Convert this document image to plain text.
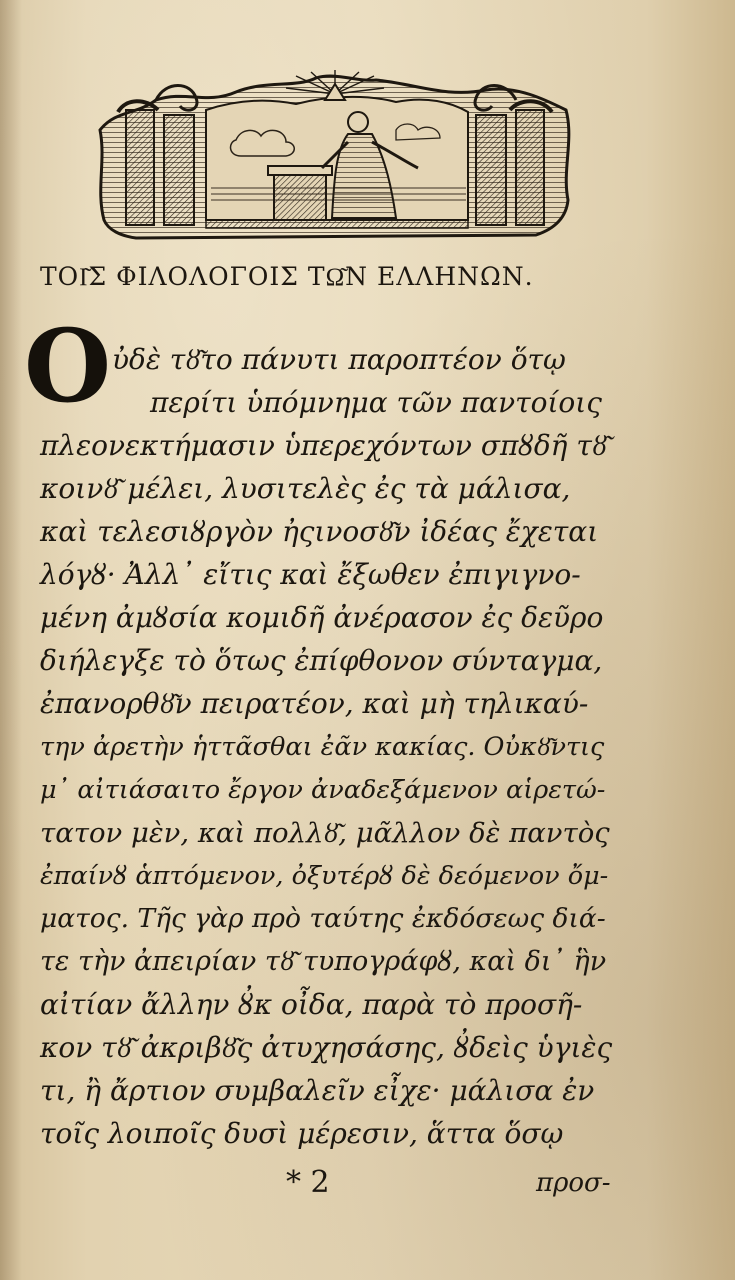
ΤΟΙ͂Σ ΦΙΛΟΛΟΓΟΙΣ ΤΩ͂Ν ΕΛΛΗΝΩΝ.
Ο ὐδὲ τȣ͂το πάνυτι παροπτέον ὅτῳ
περίτι ὑπόμνημα τῶν παντοίοις
πλεονεκτήμασιν ὑπερεχόντων σπȣδῆ τȣ͂
κοινȣ͂ μέλει, λυσιτελὲς ἐς τὰ μάλισα,
καὶ τελεσιȣργὸν ἠςινοσȣ͂ν ἰδέας ἔχεται
λόγȣ· Ἀλλ᾽ εἴτις καὶ ἔξωθεν ἐπιγιγνο-
μένη ἀμȣσία κομιδῆ ἀνέρασον ἐς δεῦρο
διήλεγξε τὸ ὅτως ἐπίφθονον σύνταγμα,
ἐπανορθȣ͂ν πειρατέον, καὶ μὴ τηλικαύ-
την ἀρετὴν ἡττᾶσθαι ἐᾶν κακίας. Οὐκȣ͂ντις
μ᾽ αἰτιάσαιτο ἔργον ἀναδεξάμενον αἱρετώ-
τατον μὲν, καὶ πολλȣ͂, μᾶλλον δὲ παντὸς
ἐπαίνȣ ἁπτόμενον, ὀξυτέρȣ δὲ δεόμενον ὄμ-
ματος. Τῆς γὰρ πρὸ ταύτης ἐκδόσεως διά-
τε τὴν ἀπειρίαν τȣ͂ τυπογράφȣ, καὶ δι᾽ ἣν
αἰτίαν ἄλλην ȣ̓κ οἶδα, παρὰ τὸ προσῆ-
κον τȣ͂ ἀκριβȣ͂ς ἀτυχησάσης, ȣ̓δεὶς ὑγιὲς
τι, ἢ ἄρτιον συμβαλεῖν εἶχε· μάλισα ἐν
τοῖς λοιποῖς δυσὶ μέρεσιν, ἅττα ὅσῳ
* 2	προσ-
